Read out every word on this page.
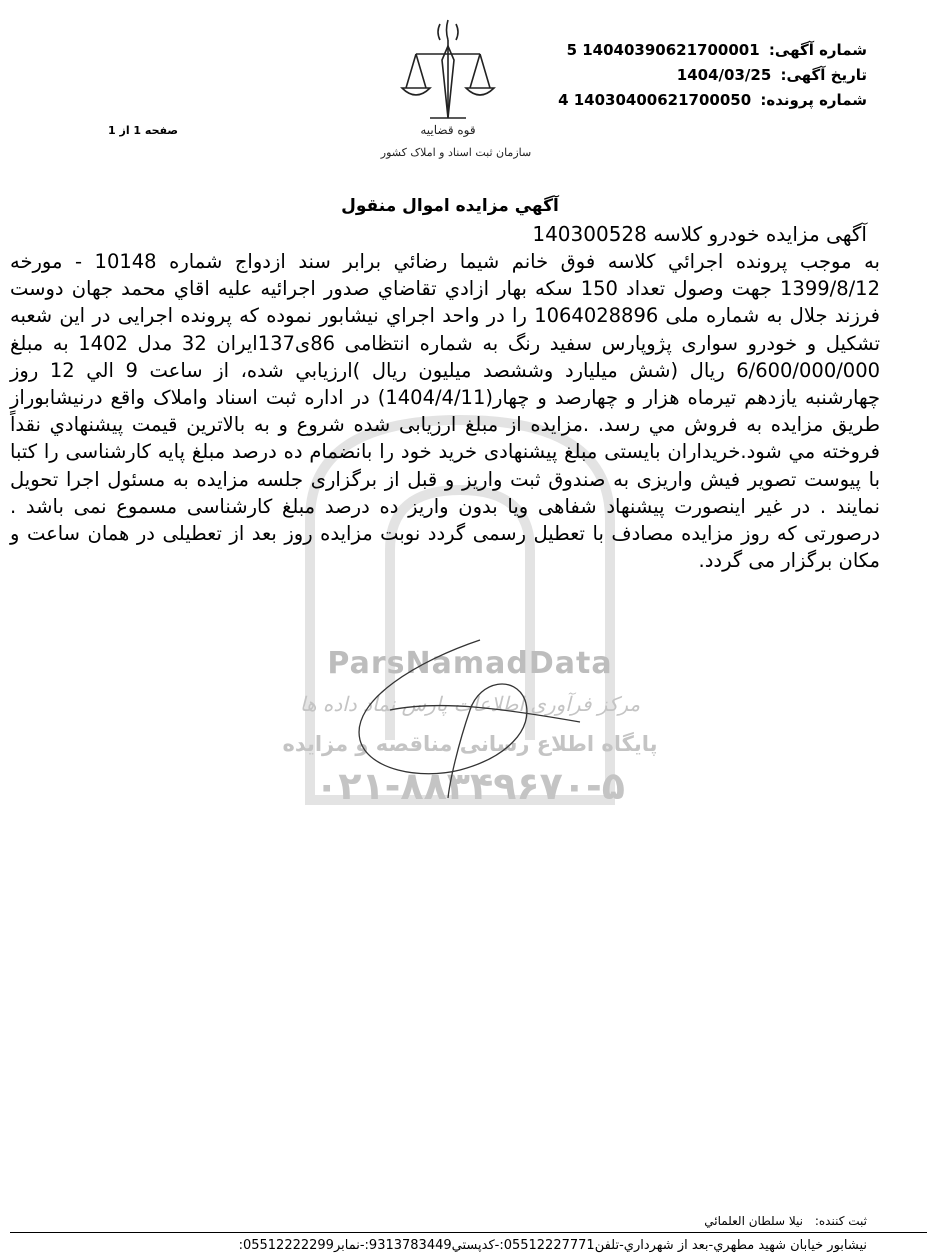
شماره آگهی: 14040390621700001 5
تاریخ آگهی: 1404/03/25
شماره پرونده: 14030400621700050 4
صفحه 1 از 1	قوه قضاییه
سازمان ثبت اسناد و املاک کشور
ParsNamadData
مرکز فرآوری اطلاعات پارس نماد داده ها
پایگاه اطلاع رسانی مناقصه و مزایده
۰۲۱-۸۸۳۴۹۶۷۰-۵
آگهي مزايده اموال منقول
آگهی مزایده خودرو کلاسه 140300528
به موجب پرونده اجرائي كلاسه فوق خانم شيما رضائي برابر سند ازدواج شماره 10148 - مورخه 1399/8/12 جهت وصول تعداد 150 سكه بهار ازادي تقاضاي صدور اجرائيه عليه اقاي محمد جهان دوست فرزند جلال به شماره ملی 1064028896 را در واحد اجراي نيشابور نموده که پرونده اجرایی در این شعبه تشکیل و خودرو سواری پژوپارس سفید رنگ به شماره انتظامی 86ی137ایران 32 مدل 1402 به مبلغ 6/600/000/000 ريال (شش ميليارد وششصد ميليون ريال )ارزيابي شده، از ساعت 9 الي 12 روز چهارشنبه يازدهم تيرماه هزار و چهارصد و چهار(1404/4/11) در اداره ثبت اسناد واملاک واقع درنيشابوراز طريق مزايده به فروش مي رسد. .مزایده از مبلغ ارزیابی شده شروع و به بالاترین قیمت پیشنهادي نقداً فروخته مي شود.خریداران بایستی مبلغ پیشنهادی خرید خود را بانضمام ده درصد مبلغ پایه کارشناسی را کتبا با پیوست تصویر فیش واریزی به صندوق ثبت واریز و قبل از برگزاری جلسه مزایده به مسئول اجرا تحویل نمایند . در غیر اینصورت پیشنهاد شفاهی ویا بدون واریز ده درصد مبلغ کارشناسی مسموع نمی باشد . درصورتی که روز مزایده مصادف با تعطیل رسمی گردد نوبت مزایده روز بعد از تعطیلی در همان ساعت و مکان برگزار می گردد.
ثبت کننده: نيلا سلطان العلمائي
نيشابور خيابان شهيد مطهري-بعد از شهرداري-تلفن05512227771:-كدپستي9313783449:-نمابر05512222299:
